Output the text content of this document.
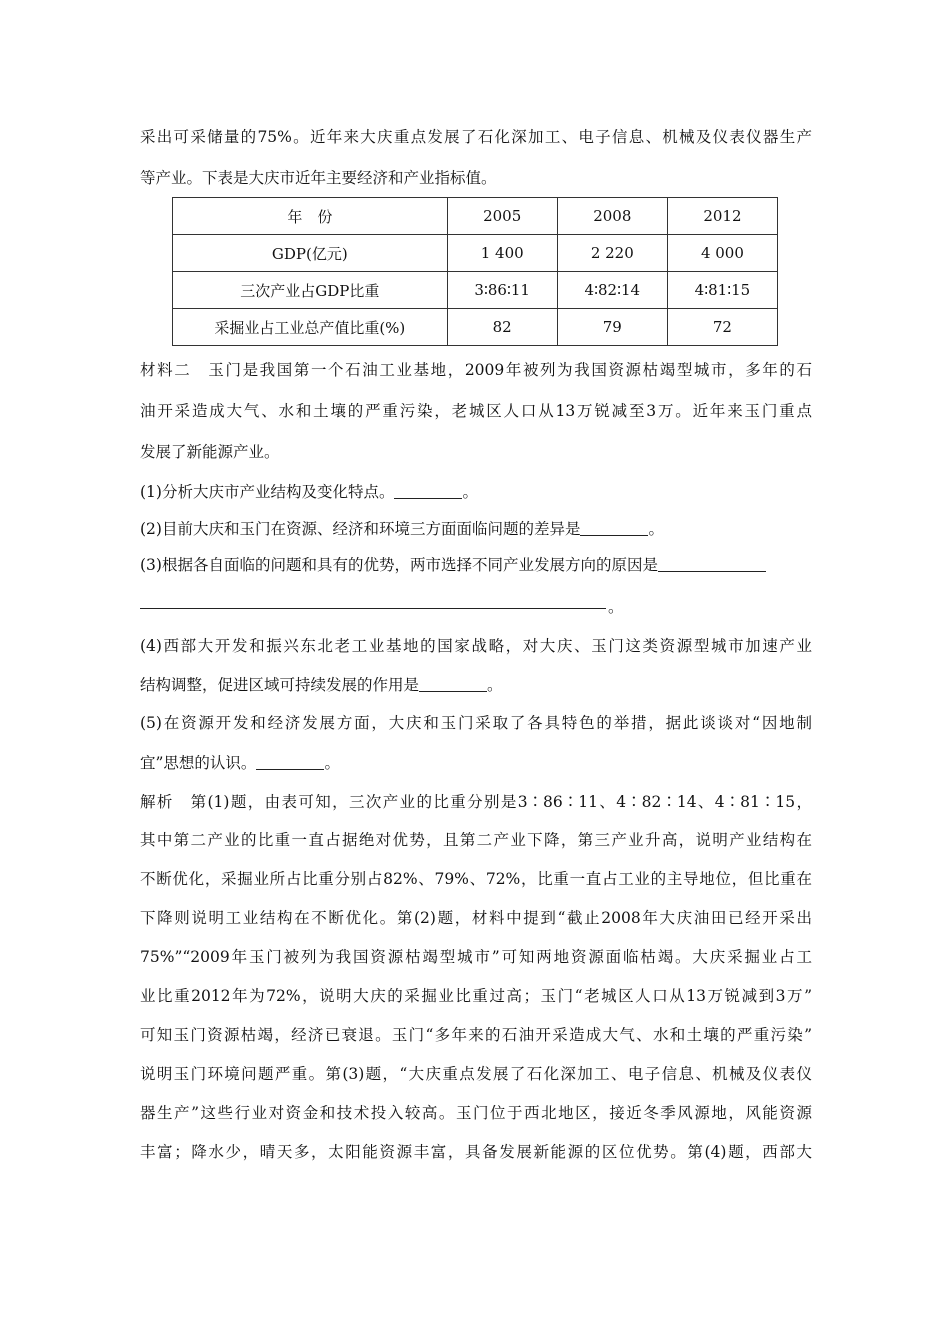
采出可采储量的75%。近年来大庆重点发展了石化深加工、电子信息、机械及仪表仪器生产
等产业。下表是大庆市近年主要经济和产业指标值。
年　份	2005	2008	2012
GDP(亿元)	1 400	2 220	4 000
三次产业占GDP比重	3∶86∶11	4∶82∶14	4∶81∶15
采掘业占工业总产值比重(%)	82	79	72
材料二　玉门是我国第一个石油工业基地，2009年被列为我国资源枯竭型城市，多年的石
油开采造成大气、水和土壤的严重污染，老城区人口从13万锐减至3万。近年来玉门重点
发展了新能源产业。
(1)分析大庆市产业结构及变化特点。	。
(2)目前大庆和玉门在资源、经济和环境三方面面临问题的差异是	。
(3)根据各自面临的问题和具有的优势，两市选择不同产业发展方向的原因是
。
(4)西部大开发和振兴东北老工业基地的国家战略，对大庆、玉门这类资源型城市加速产业
结构调整，促进区域可持续发展的作用是	。
(5)在资源开发和经济发展方面，大庆和玉门采取了各具特色的举措，据此谈谈对“因地制
宜”思想的认识。	。
解析　第(1)题，由表可知，三次产业的比重分别是3∶86∶11、4∶82∶14、4∶81∶15，
其中第二产业的比重一直占据绝对优势，且第二产业下降，第三产业升高，说明产业结构在
不断优化，采掘业所占比重分别占82%、79%、72%，比重一直占工业的主导地位，但比重在
下降则说明工业结构在不断优化。第(2)题，材料中提到“截止2008年大庆油田已经开采出
75%”“2009年玉门被列为我国资源枯竭型城市”可知两地资源面临枯竭。大庆采掘业占工
业比重2012年为72%，说明大庆的采掘业比重过高；玉门“老城区人口从13万锐减到3万”
可知玉门资源枯竭，经济已衰退。玉门“多年来的石油开采造成大气、水和土壤的严重污染”
说明玉门环境问题严重。第(3)题，“大庆重点发展了石化深加工、电子信息、机械及仪表仪
器生产”这些行业对资金和技术投入较高。玉门位于西北地区，接近冬季风源地，风能资源
丰富；降水少，晴天多，太阳能资源丰富，具备发展新能源的区位优势。第(4)题，西部大
